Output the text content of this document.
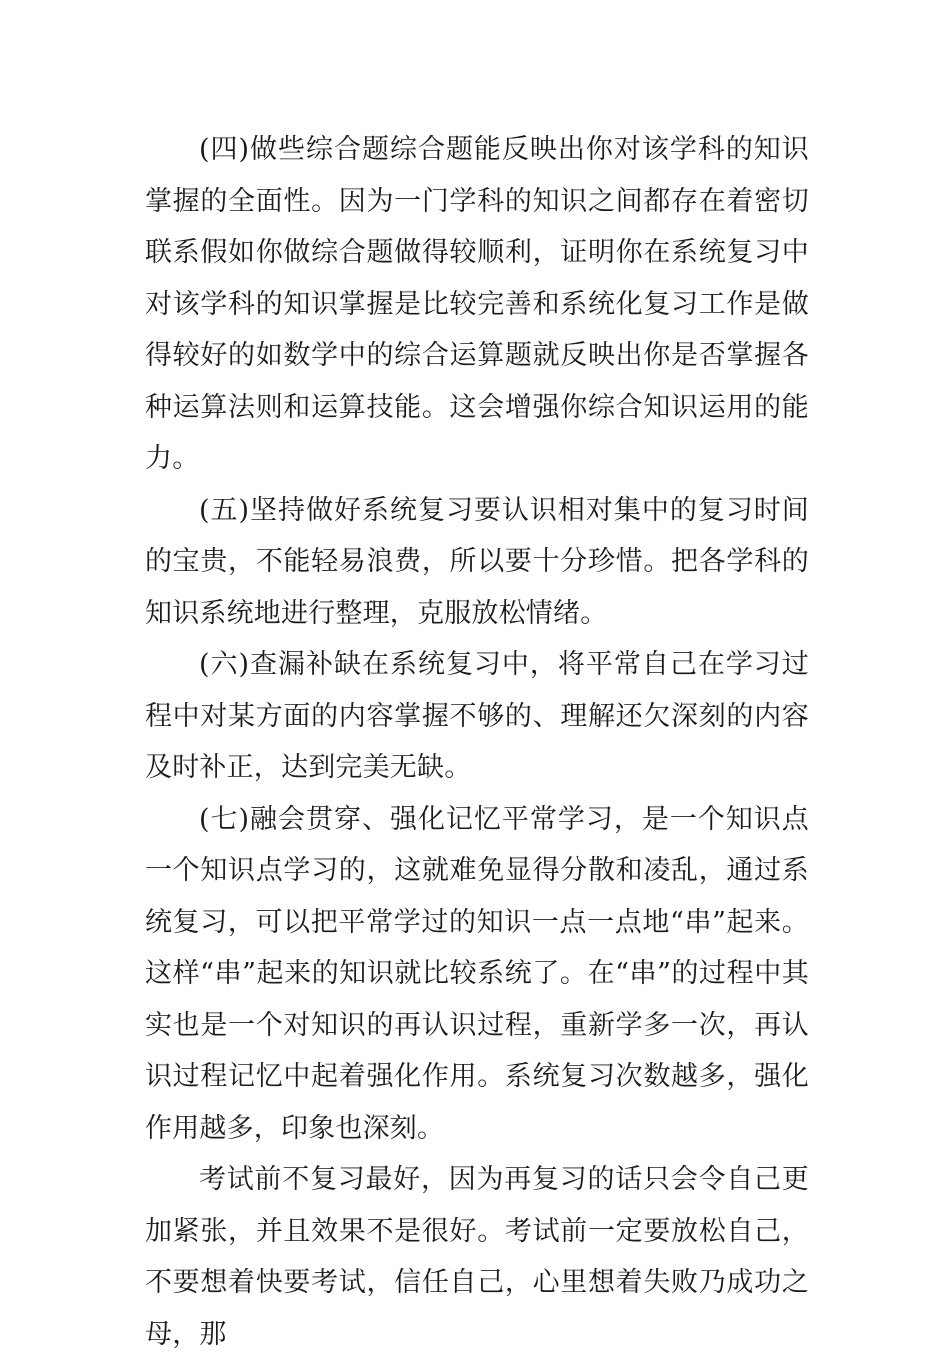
(四)做些综合题综合题能反映出你对该学科的知识掌握的全面性。因为一门学科的知识之间都存在着密切联系假如你做综合题做得较顺利，证明你在系统复习中对该学科的知识掌握是比较完善和系统化复习工作是做得较好的如数学中的综合运算题就反映出你是否掌握各种运算法则和运算技能。这会增强你综合知识运用的能力。

(五)坚持做好系统复习要认识相对集中的复习时间的宝贵，不能轻易浪费，所以要十分珍惜。把各学科的知识系统地进行整理，克服放松情绪。

(六)查漏补缺在系统复习中，将平常自己在学习过程中对某方面的内容掌握不够的、理解还欠深刻的内容及时补正，达到完美无缺。

(七)融会贯穿、强化记忆平常学习，是一个知识点一个知识点学习的，这就难免显得分散和凌乱，通过系统复习，可以把平常学过的知识一点一点地“串”起来。这样“串”起来的知识就比较系统了。在“串”的过程中其实也是一个对知识的再认识过程，重新学多一次，再认识过程记忆中起着强化作用。系统复习次数越多，强化作用越多，印象也深刻。

考试前不复习最好，因为再复习的话只会令自己更加紧张，并且效果不是很好。考试前一定要放松自己，不要想着快要考试，信任自己，心里想着失败乃成功之母，那
